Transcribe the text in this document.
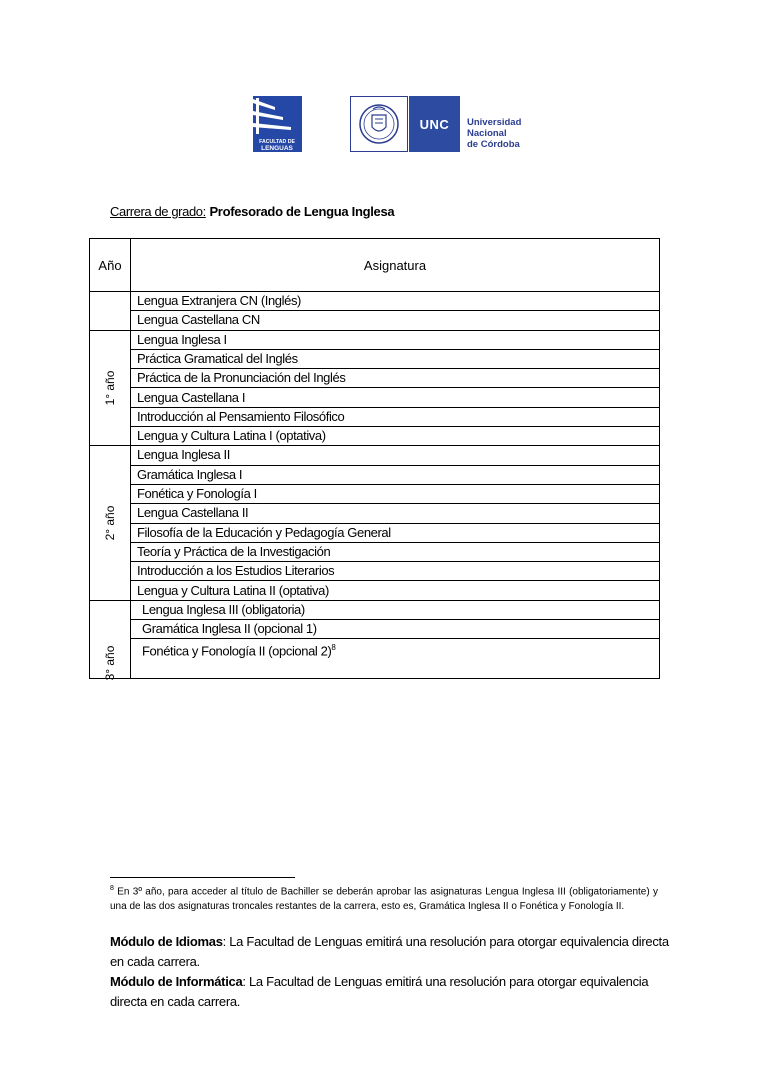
FACULTAD DE
LENGUAS
UNC	Universidad
Nacional
de Córdoba
Carrera de grado: Profesorado de Lengua Inglesa
Año	Asignatura
Lengua Extranjera CN (Inglés)
Lengua Castellana CN
Lengua Inglesa I
Práctica Gramatical del Inglés
Práctica de la Pronunciación del Inglés
Lengua Castellana I
Introducción al Pensamiento Filosófico
Lengua y Cultura Latina I (optativa)
1° año
Lengua Inglesa II
Gramática Inglesa I
Fonética y Fonología I
Lengua Castellana II
Filosofía de la Educación y Pedagogía General
Teoría y Práctica de la Investigación
Introducción a los Estudios Literarios
Lengua y Cultura Latina II (optativa)
2° año
Lengua Inglesa III (obligatoria)
Gramática Inglesa II (opcional 1)
Fonética y Fonología II (opcional 2)$^8$
3° año
$^8$ En 3º año, para acceder al título de Bachiller se deberán aprobar las asignaturas Lengua Inglesa III (obligatoriamente) y una de las dos asignaturas troncales restantes de la carrera, esto es, Gramática Inglesa II o Fonética y Fonología II.
Módulo de Idiomas: La Facultad de Lenguas emitirá una resolución para otorgar equivalencia directa en cada carrera.
Módulo de Informática: La Facultad de Lenguas emitirá una resolución para otorgar equivalencia directa en cada carrera.
